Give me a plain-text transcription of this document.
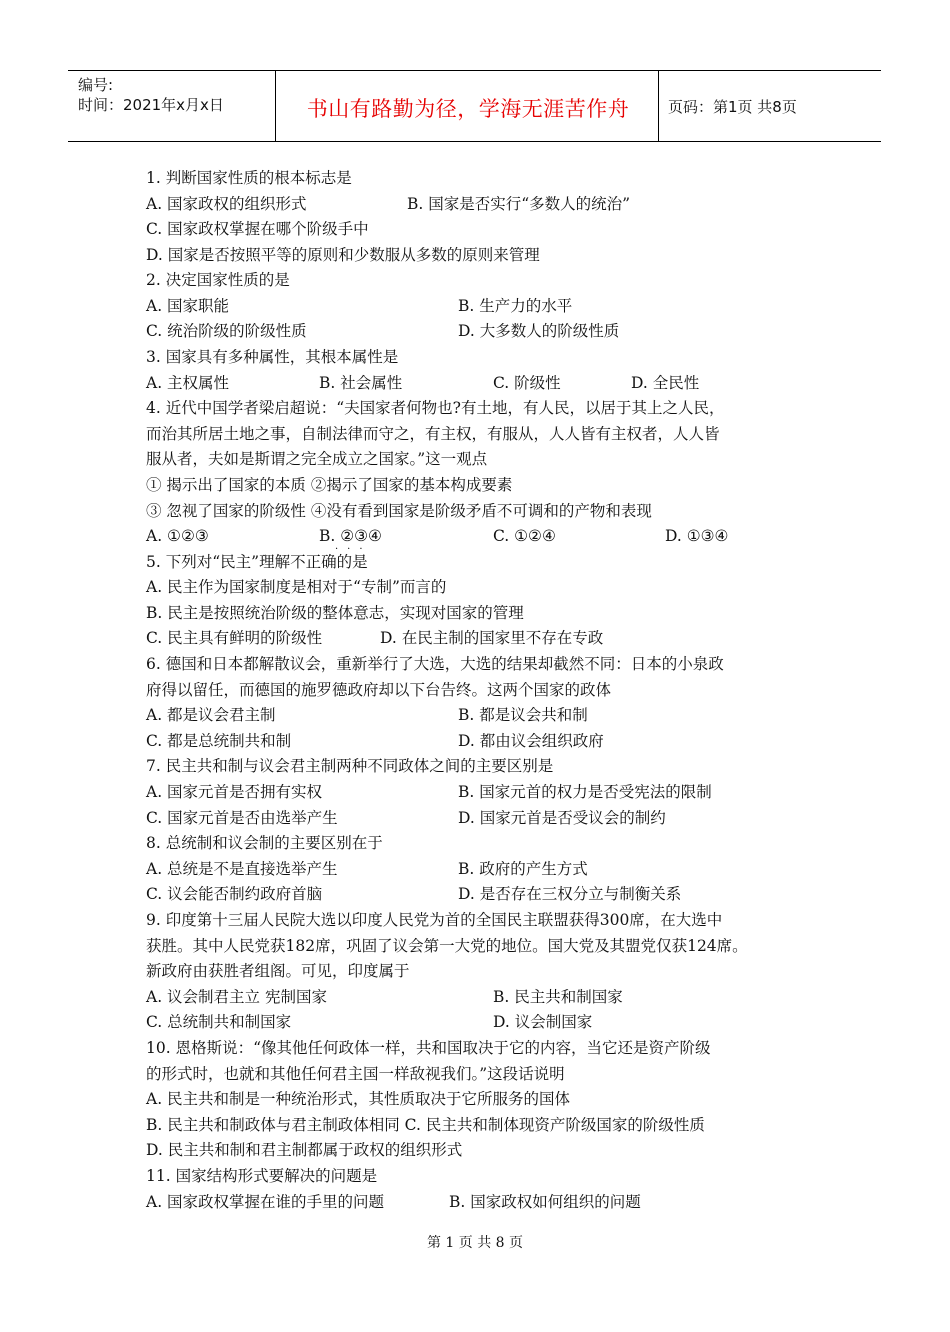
编号:
时间：2021年x月x日	书山有路勤为径，学海无涯苦作舟	页码：第1页 共8页
1. 判断国家性质的根本标志是
A. 国家政权的组织形式	B. 国家是否实行“多数人的统治”
C. 国家政权掌握在哪个阶级手中
D. 国家是否按照平等的原则和少数服从多数的原则来管理
2. 决定国家性质的是
A. 国家职能	B. 生产力的水平
C. 统治阶级的阶级性质	D. 大多数人的阶级性质
3. 国家具有多种属性，其根本属性是
A. 主权属性	B. 社会属性	C. 阶级性	D. 全民性
4. 近代中国学者梁启超说：“夫国家者何物也?有土地，有人民，以居于其上之人民，
而治其所居土地之事，自制法律而守之，有主权，有服从，人人皆有主权者，人人皆
服从者，夫如是斯谓之完全成立之国家。”这一观点
① 揭示出了国家的本质 ②揭示了国家的基本构成要素
③ 忽视了国家的阶级性 ④没有看到国家是阶级矛盾不可调和的产物和表现
A. ①②③	B. ②③④	C. ①②④	D. ①③④
···
5. 下列对“民主”理解不正确的是
A. 民主作为国家制度是相对于“专制”而言的
B. 民主是按照统治阶级的整体意志，实现对国家的管理
C. 民主具有鲜明的阶级性	D. 在民主制的国家里不存在专政
6. 德国和日本都解散议会，重新举行了大选，大选的结果却截然不同：日本的小泉政
府得以留任，而德国的施罗德政府却以下台告终。这两个国家的政体
A. 都是议会君主制	B. 都是议会共和制
C. 都是总统制共和制	D. 都由议会组织政府
7. 民主共和制与议会君主制两种不同政体之间的主要区别是
A. 国家元首是否拥有实权	B. 国家元首的权力是否受宪法的限制
C. 国家元首是否由选举产生	D. 国家元首是否受议会的制约
8. 总统制和议会制的主要区别在于
A. 总统是不是直接选举产生	B. 政府的产生方式
C. 议会能否制约政府首脑	D. 是否存在三权分立与制衡关系
9. 印度第十三届人民院大选以印度人民党为首的全国民主联盟获得300席，在大选中
获胜。其中人民党获182席，巩固了议会第一大党的地位。国大党及其盟党仅获124席。
新政府由获胜者组阁。可见，印度属于
A. 议会制君主立 宪制国家	B. 民主共和制国家
C. 总统制共和制国家	D. 议会制国家
10. 恩格斯说：“像其他任何政体一样，共和国取决于它的内容，当它还是资产阶级
的形式时，也就和其他任何君主国一样敌视我们。”这段话说明
A. 民主共和制是一种统治形式，其性质取决于它所服务的国体
B. 民主共和制政体与君主制政体相同 C. 民主共和制体现资产阶级国家的阶级性质
D. 民主共和制和君主制都属于政权的组织形式
11. 国家结构形式要解决的问题是
A. 国家政权掌握在谁的手里的问题	B. 国家政权如何组织的问题
第 1 页 共 8 页
